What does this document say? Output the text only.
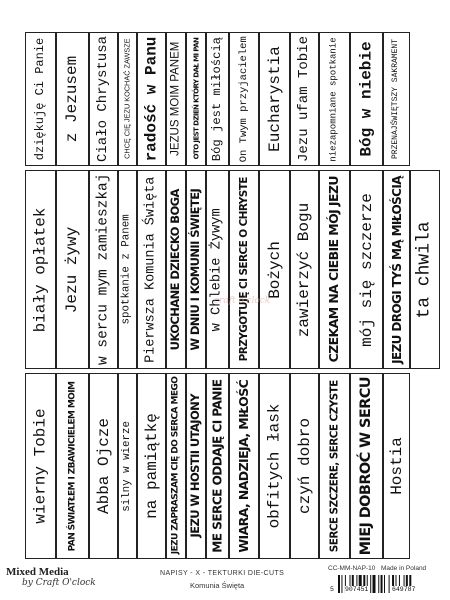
dziękuję Ci Panie z Jezusem Ciało Chrystusa CHCĘ CIĘ JEZU KOCHAĆ ZAWSZE radość w Panu JEZUS MOIM PANEM OTO JEST DZIEŃ KTÓRY DAŁ MI PAN Bóg jest miłością On Twym przyjacielem Eucharystia Jezu ufam Tobie niezapomniane spotkanie Bóg w niebie PRZENAJŚWIĘTSZY SAKRAMENT
biały opłatek Jezu żywy w sercu mym zamieszkaj spotkanie z Panem Pierwsza Komunia Święta UKOCHANE DZIECKO BOGA W DNIU I KOMUNII ŚWIĘTEJ w Chlebie Żywym PRZYGOTUJĘ CI SERCE O CHRYSTE Bożych zawierzyć Bogu CZEKAM NA CIEBIE MÓJ JEZU mój się szczerze JEZU DROGI TYŚ MĄ MIŁOŚCIĄ
wierny Tobie PAN ŚWIATŁEM I ZBAWICIELEM MOIM Abba Ojcze silny w wierze na pamiątkę JEZU ZAPRASZAM CIĘ DO SERCA MEGO JEZU W HOSTII UTAJONY ME SERCE ODDAJĘ CI PANIE WIARA, NADZIEJA, MIŁOŚĆ obfitych łask czyń dobro SERCE SZCZERE, SERCE CZYSTE MIEJ DOBROĆ W SERCU Hostia
ta chwila
craft o'clock
Mixed Media
by Craft O'clock
NAPISY - X - TEKTURKI DIE-CUTS
Komunia Święta
CC-MM-NAP-10 Made in Poland
5 907451	649787
